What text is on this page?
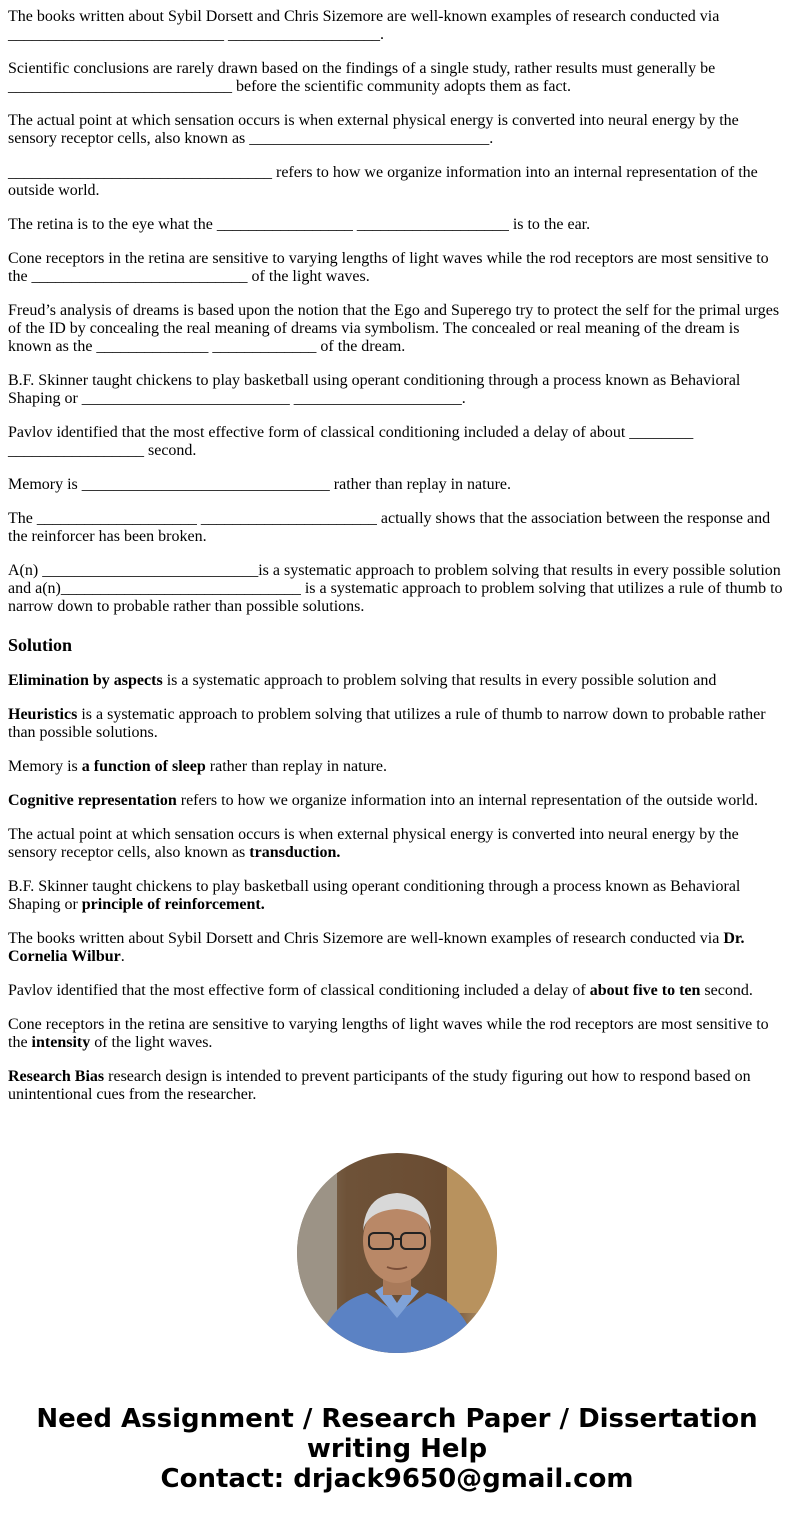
The books written about Sybil Dorsett and Chris Sizemore are well-known examples of research conducted via ___________________________ ___________________.

Scientific conclusions are rarely drawn based on the findings of a single study, rather results must generally be ____________________________ before the scientific community adopts them as fact.

The actual point at which sensation occurs is when external physical energy is converted into neural energy by the sensory receptor cells, also known as ______________________________.

_________________________________ refers to how we organize information into an internal representation of the outside world.

The retina is to the eye what the _________________ ___________________ is to the ear.

Cone receptors in the retina are sensitive to varying lengths of light waves while the rod receptors are most sensitive to the ___________________________ of the light waves.

Freud’s analysis of dreams is based upon the notion that the Ego and Superego try to protect the self for the primal urges of the ID by concealing the real meaning of dreams via symbolism. The concealed or real meaning of the dream is known as the ______________ _____________ of the dream.

B.F. Skinner taught chickens to play basketball using operant conditioning through a process known as Behavioral Shaping or __________________________ _____________________.

Pavlov identified that the most effective form of classical conditioning included a delay of about ________ _________________ second.

Memory is _______________________________ rather than replay in nature.

The ____________________ ______________________ actually shows that the association between the response and the reinforcer has been broken.

A(n) ___________________________is a systematic approach to problem solving that results in every possible solution and a(n)______________________________ is a systematic approach to problem solving that utilizes a rule of thumb to narrow down to probable rather than possible solutions.

Solution

Elimination by aspects is a systematic approach to problem solving that results in every possible solution and

Heuristics is a systematic approach to problem solving that utilizes a rule of thumb to narrow down to probable rather than possible solutions.

Memory is a function of sleep rather than replay in nature.

Cognitive representation refers to how we organize information into an internal representation of the outside world.

The actual point at which sensation occurs is when external physical energy is converted into neural energy by the sensory receptor cells, also known as transduction.

B.F. Skinner taught chickens to play basketball using operant conditioning through a process known as Behavioral Shaping or principle of reinforcement.

The books written about Sybil Dorsett and Chris Sizemore are well-known examples of research conducted via Dr. Cornelia Wilbur.

Pavlov identified that the most effective form of classical conditioning included a delay of about five to ten second.

Cone receptors in the retina are sensitive to varying lengths of light waves while the rod receptors are most sensitive to the intensity of the light waves.

Research Bias research design is intended to prevent participants of the study figuring out how to respond based on unintentional cues from the researcher.

Need Assignment / Research Paper / Dissertation writing Help
Contact: drjack9650@gmail.com
